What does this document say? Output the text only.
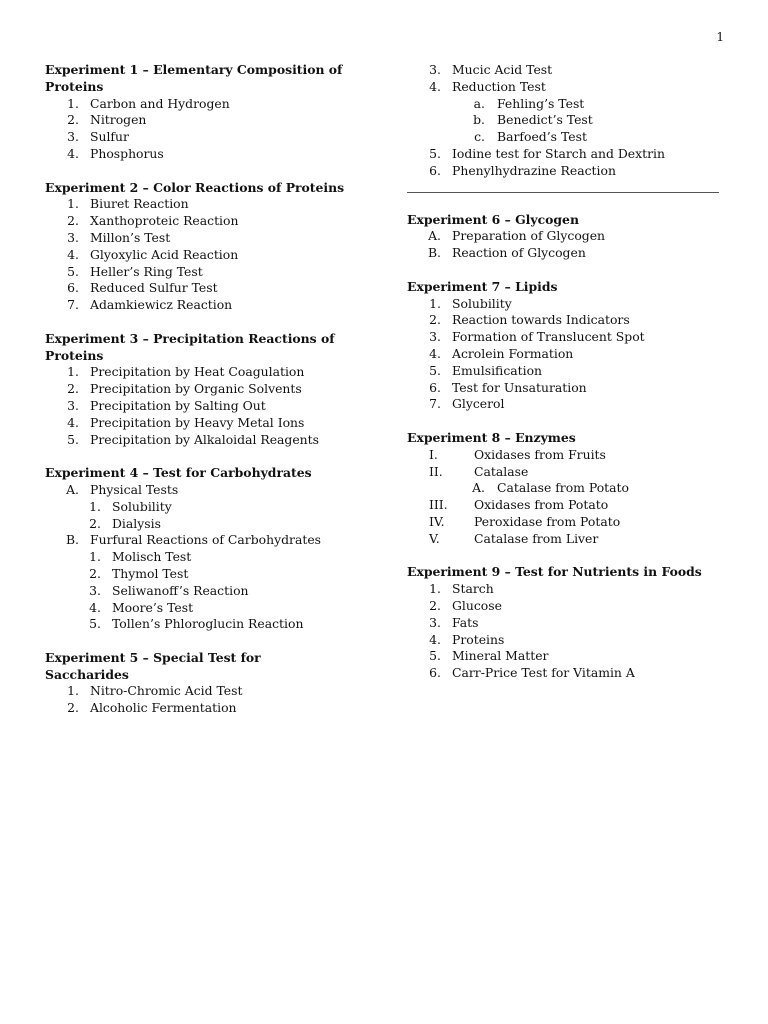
1
Experiment 1 – Elementary Composition of
Proteins
1. Carbon and Hydrogen
2. Nitrogen
3. Sulfur
4. Phosphorus
Experiment 2 – Color Reactions of Proteins
1. Biuret Reaction
2. Xanthoproteic Reaction
3. Millon’s Test
4. Glyoxylic Acid Reaction
5. Heller’s Ring Test
6. Reduced Sulfur Test
7. Adamkiewicz Reaction
Experiment 3 – Precipitation Reactions of
Proteins
1. Precipitation by Heat Coagulation
2. Precipitation by Organic Solvents
3. Precipitation by Salting Out
4. Precipitation by Heavy Metal Ions
5. Precipitation by Alkaloidal Reagents
Experiment 4 – Test for Carbohydrates
A. Physical Tests
1. Solubility
2. Dialysis
B. Furfural Reactions of Carbohydrates
1. Molisch Test
2. Thymol Test
3. Seliwanoff’s Reaction
4. Moore’s Test
5. Tollen’s Phloroglucin Reaction
Experiment 5 – Special Test for Saccharides
1. Nitro-Chromic Acid Test
2. Alcoholic Fermentation
3. Mucic Acid Test
4. Reduction Test
a. Fehling’s Test
b. Benedict’s Test
c. Barfoed’s Test
5. Iodine test for Starch and Dextrin
6. Phenylhydrazine Reaction
Experiment 6 – Glycogen
A. Preparation of Glycogen
B. Reaction of Glycogen
Experiment 7 – Lipids
1. Solubility
2. Reaction towards Indicators
3. Formation of Translucent Spot
4. Acrolein Formation
5. Emulsification
6. Test for Unsaturation
7. Glycerol
Experiment 8 – Enzymes
I.	Oxidases from Fruits
II.	Catalase
A. Catalase from Potato
III.	Oxidases from Potato
IV.	Peroxidase from Potato
V.	Catalase from Liver
Experiment 9 – Test for Nutrients in Foods
1. Starch
2. Glucose
3. Fats
4. Proteins
5. Mineral Matter
6. Carr-Price Test for Vitamin A
